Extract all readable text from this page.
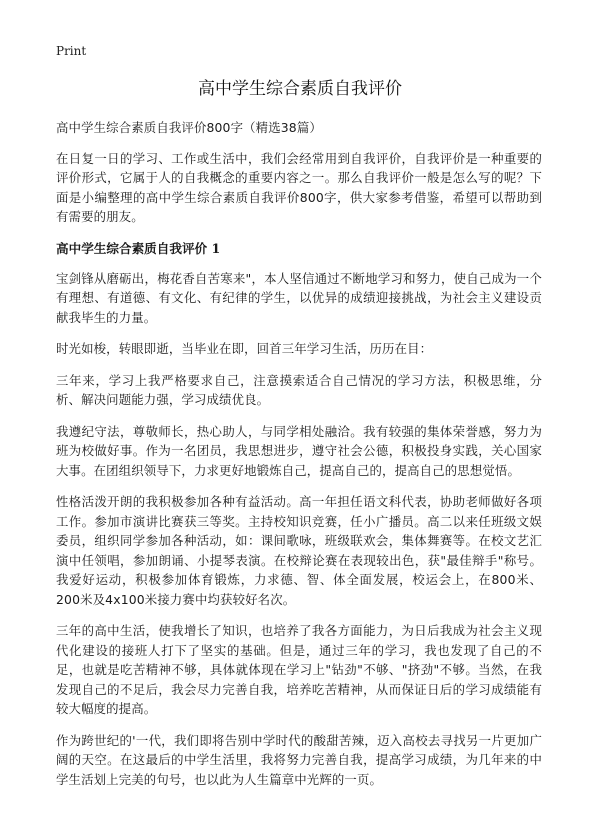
Print
高中学生综合素质自我评价

高中学生综合素质自我评价800字（精选38篇）

在日复一日的学习、工作或生活中，我们会经常用到自我评价，自我评价是一种重要的评价形式，它属于人的自我概念的重要内容之一。那么自我评价一般是怎么写的呢？下面是小编整理的高中学生综合素质自我评价800字，供大家参考借鉴，希望可以帮助到有需要的朋友。

高中学生综合素质自我评价 1

宝剑锋从磨砺出，梅花香自苦寒来"，本人坚信通过不断地学习和努力，使自己成为一个有理想、有道德、有文化、有纪律的学生，以优异的成绩迎接挑战，为社会主义建设贡献我毕生的力量。

时光如梭，转眼即逝，当毕业在即，回首三年学习生活，历历在目：

三年来，学习上我严格要求自己，注意摸索适合自己情况的学习方法，积极思维，分析、解决问题能力强，学习成绩优良。

我遵纪守法，尊敬师长，热心助人，与同学相处融洽。我有较强的集体荣誉感，努力为班为校做好事。作为一名团员，我思想进步，遵守社会公德，积极投身实践，关心国家大事。在团组织领导下，力求更好地锻炼自己，提高自己的，提高自己的思想觉悟。

性格活泼开朗的我积极参加各种有益活动。高一年担任语文科代表，协助老师做好各项工作。参加市演讲比赛获三等奖。主持校知识竞赛，任小广播员。高二以来任班级文娱委员，组织同学参加各种活动，如：课间歌咏，班级联欢会，集体舞赛等。在校文艺汇演中任领唱，参加朗诵、小提琴表演。在校辩论赛在表现较出色，获"最佳辩手"称号。我爱好运动，积极参加体育锻炼，力求德、智、体全面发展，校运会上，在800米、200米及4x100米接力赛中均获较好名次。

三年的高中生活，使我增长了知识，也培养了我各方面能力，为日后我成为社会主义现代化建设的接班人打下了坚实的基础。但是，通过三年的学习，我也发现了自己的不足，也就是吃苦精神不够，具体就体现在学习上"钻劲"不够、"挤劲"不够。当然，在我发现自己的不足后，我会尽力完善自我，培养吃苦精神，从而保证日后的学习成绩能有较大幅度的提高。

作为跨世纪的'一代，我们即将告别中学时代的酸甜苦辣，迈入高校去寻找另一片更加广阔的天空。在这最后的中学生活里，我将努力完善自我，提高学习成绩，为几年来的中学生活划上完美的句号，也以此为人生篇章中光辉的一页。
